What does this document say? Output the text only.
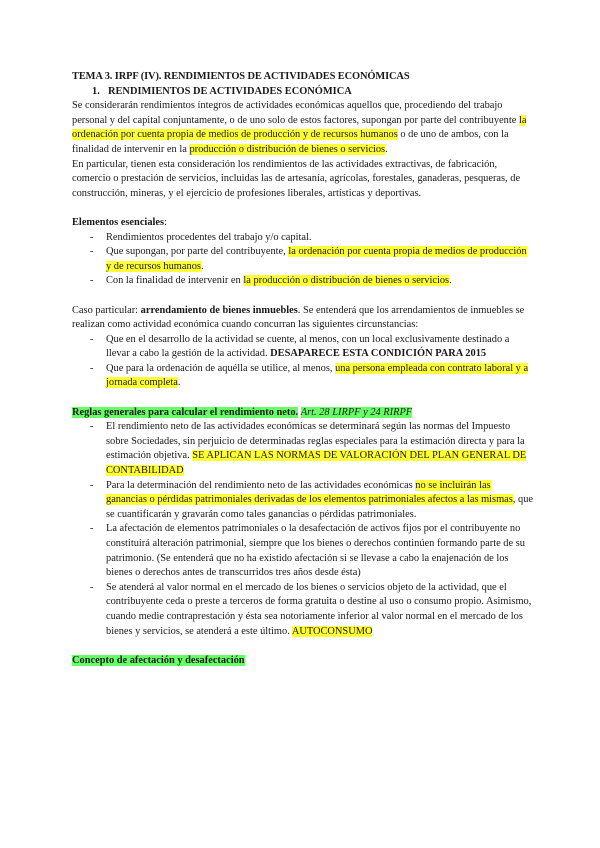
TEMA 3. IRPF (IV). RENDIMIENTOS DE ACTIVIDADES ECONÓMICAS

1. RENDIMIENTOS DE ACTIVIDADES ECONÓMICA

Se considerarán rendimientos íntegros de actividades económicas aquellos que, procediendo del trabajo personal y del capital conjuntamente, o de uno solo de estos factores, supongan por parte del contribuyente la ordenación por cuenta propia de medios de producción y de recursos humanos o de uno de ambos, con la finalidad de intervenir en la producción o distribución de bienes o servicios.

En particular, tienen esta consideración los rendimientos de las actividades extractivas, de fabricación, comercio o prestación de servicios, incluidas las de artesanía, agrícolas, forestales, ganaderas, pesqueras, de construcción, mineras, y el ejercicio de profesiones liberales, artísticas y deportivas.

Elementos esenciales:

- Rendimientos procedentes del trabajo y/o capital.
- Que supongan, por parte del contribuyente, la ordenación por cuenta propia de medios de producción y de recursos humanos.
- Con la finalidad de intervenir en la producción o distribución de bienes o servicios.

Caso particular: arrendamiento de bienes inmuebles. Se entenderá que los arrendamientos de inmuebles se realizan como actividad económica cuando concurran las siguientes circunstancias:

- Que en el desarrollo de la actividad se cuente, al menos, con un local exclusivamente destinado a llevar a cabo la gestión de la actividad. DESAPARECE ESTA CONDICIÓN PARA 2015
- Que para la ordenación de aquélla se utilice, al menos, una persona empleada con contrato laboral y a jornada completa.

Reglas generales para calcular el rendimiento neto. Art. 28 LIRPF y 24 RIRPF

- El rendimiento neto de las actividades económicas se determinará según las normas del Impuesto sobre Sociedades, sin perjuicio de determinadas reglas especiales para la estimación directa y para la estimación objetiva. SE APLICAN LAS NORMAS DE VALORACIÓN DEL PLAN GENERAL DE CONTABILIDAD
- Para la determinación del rendimiento neto de las actividades económicas no se incluirán las ganancias o pérdidas patrimoniales derivadas de los elementos patrimoniales afectos a las mismas, que se cuantificarán y gravarán como tales ganancias o pérdidas patrimoniales.
- La afectación de elementos patrimoniales o la desafectación de activos fijos por el contribuyente no constituirá alteración patrimonial, siempre que los bienes o derechos continúen formando parte de su patrimonio. (Se entenderá que no ha existido afectación si se llevase a cabo la enajenación de los bienes o derechos antes de transcurridos tres años desde ésta)
- Se atenderá al valor normal en el mercado de los bienes o servicios objeto de la actividad, que el contribuyente ceda o preste a terceros de forma gratuita o destine al uso o consumo propio. Asimismo, cuando medie contraprestación y ésta sea notoriamente inferior al valor normal en el mercado de los bienes y servicios, se atenderá a este último. AUTOCONSUMO

Concepto de afectación y desafectación
